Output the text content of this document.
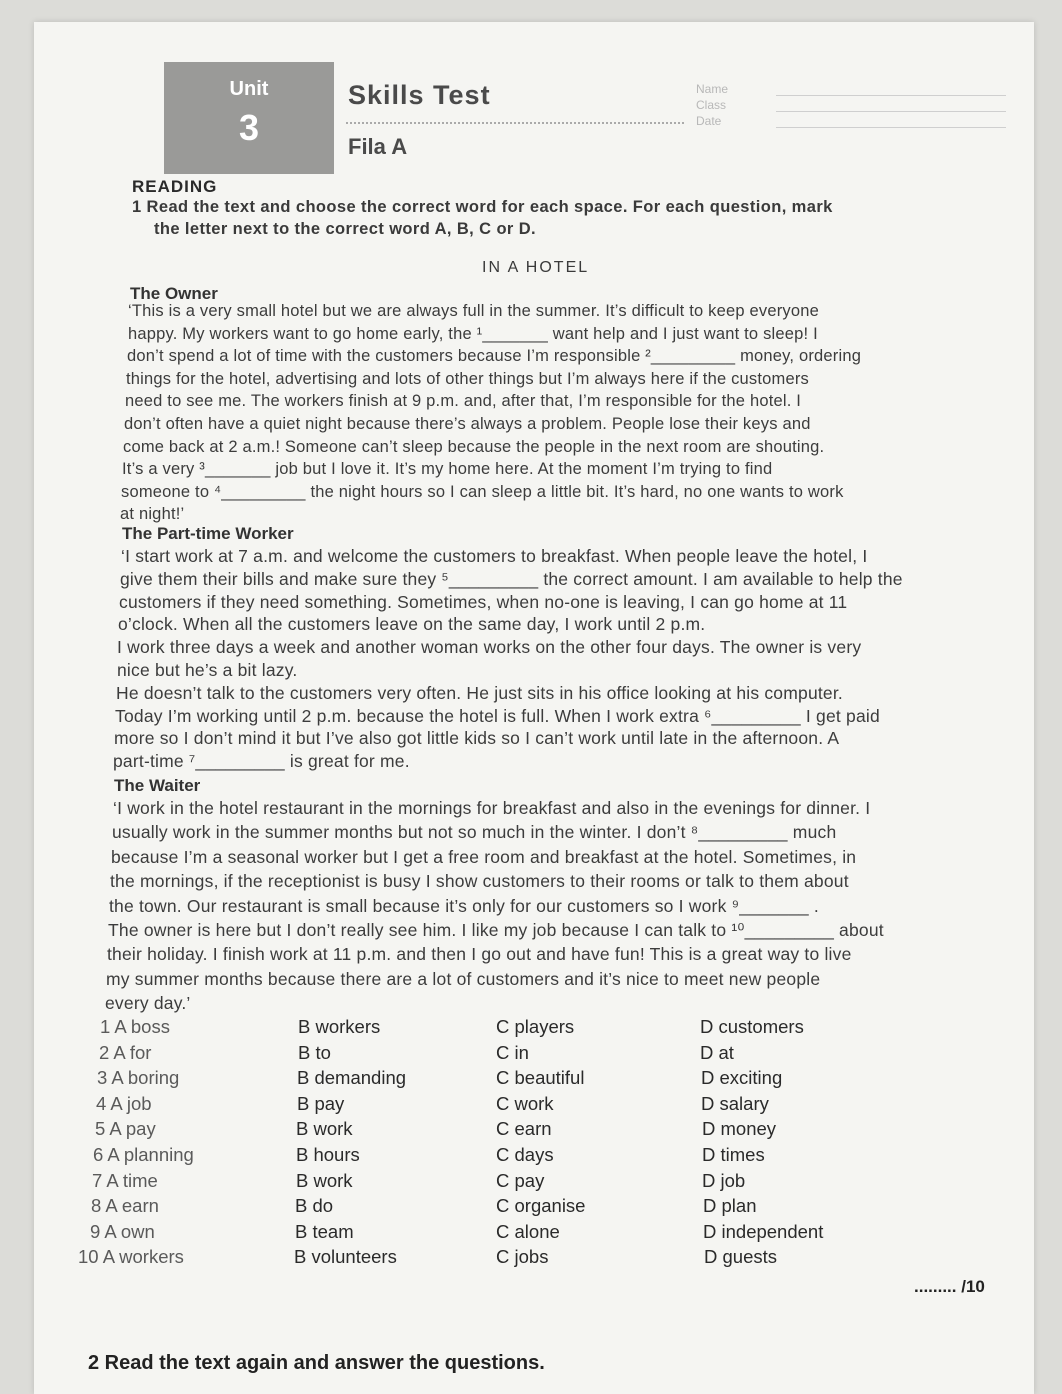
Unit
3
Skills Test
Fila A
Name
Class
Date
READING
1 Read the text and choose the correct word for each space. For each question, mark
the letter next to the correct word A, B, C or D.
IN A HOTEL
The Owner
‘This is a very small hotel but we are always full in the summer. It’s difficult to keep everyone
happy. My workers want to go home early, the ¹_______ want help and I just want to sleep! I
don’t spend a lot of time with the customers because I’m responsible ²_________ money, ordering
things for the hotel, advertising and lots of other things but I’m always here if the customers
need to see me. The workers finish at 9 p.m. and, after that, I’m responsible for the hotel. I
don’t often have a quiet night because there’s always a problem. People lose their keys and
come back at 2 a.m.! Someone can’t sleep because the people in the next room are shouting.
It’s a very ³_______ job but I love it. It’s my home here. At the moment I’m trying to find
someone to ⁴_________ the night hours so I can sleep a little bit. It’s hard, no one wants to work
at night!’
The Part-time Worker
‘I start work at 7 a.m. and welcome the customers to breakfast. When people leave the hotel, I
give them their bills and make sure they ⁵_________ the correct amount. I am available to help the
customers if they need something. Sometimes, when no-one is leaving, I can go home at 11
o’clock. When all the customers leave on the same day, I work until 2 p.m.
I work three days a week and another woman works on the other four days. The owner is very
nice but he’s a bit lazy.
He doesn’t talk to the customers very often. He just sits in his office looking at his computer.
Today I’m working until 2 p.m. because the hotel is full. When I work extra ⁶_________ I get paid
more so I don’t mind it but I’ve also got little kids so I can’t work until late in the afternoon. A
part-time ⁷_________ is great for me.
The Waiter
‘I work in the hotel restaurant in the mornings for breakfast and also in the evenings for dinner. I
usually work in the summer months but not so much in the winter. I don’t ⁸_________ much
because I’m a seasonal worker but I get a free room and breakfast at the hotel. Sometimes, in
the mornings, if the receptionist is busy I show customers to their rooms or talk to them about
the town. Our restaurant is small because it’s only for our customers so I work ⁹_______ .
The owner is here but I don’t really see him. I like my job because I can talk to ¹⁰_________ about
their holiday. I finish work at 11 p.m. and then I go out and have fun! This is a great way to live
my summer months because there are a lot of customers and it’s nice to meet new people
every day.’
1 A boss	B workers	C players	D customers
2 A for	B to	C in	D at
3 A boring	B demanding	C beautiful	D exciting
4 A job	B pay	C work	D salary
5 A pay	B work	C earn	D money
6 A planning	B hours	C days	D times
7 A time	B work	C pay	D job
8 A earn	B do	C organise	D plan
9 A own	B team	C alone	D independent
10 A workers	B volunteers	C jobs	D guests
......... /10
2 Read the text again and answer the questions.
